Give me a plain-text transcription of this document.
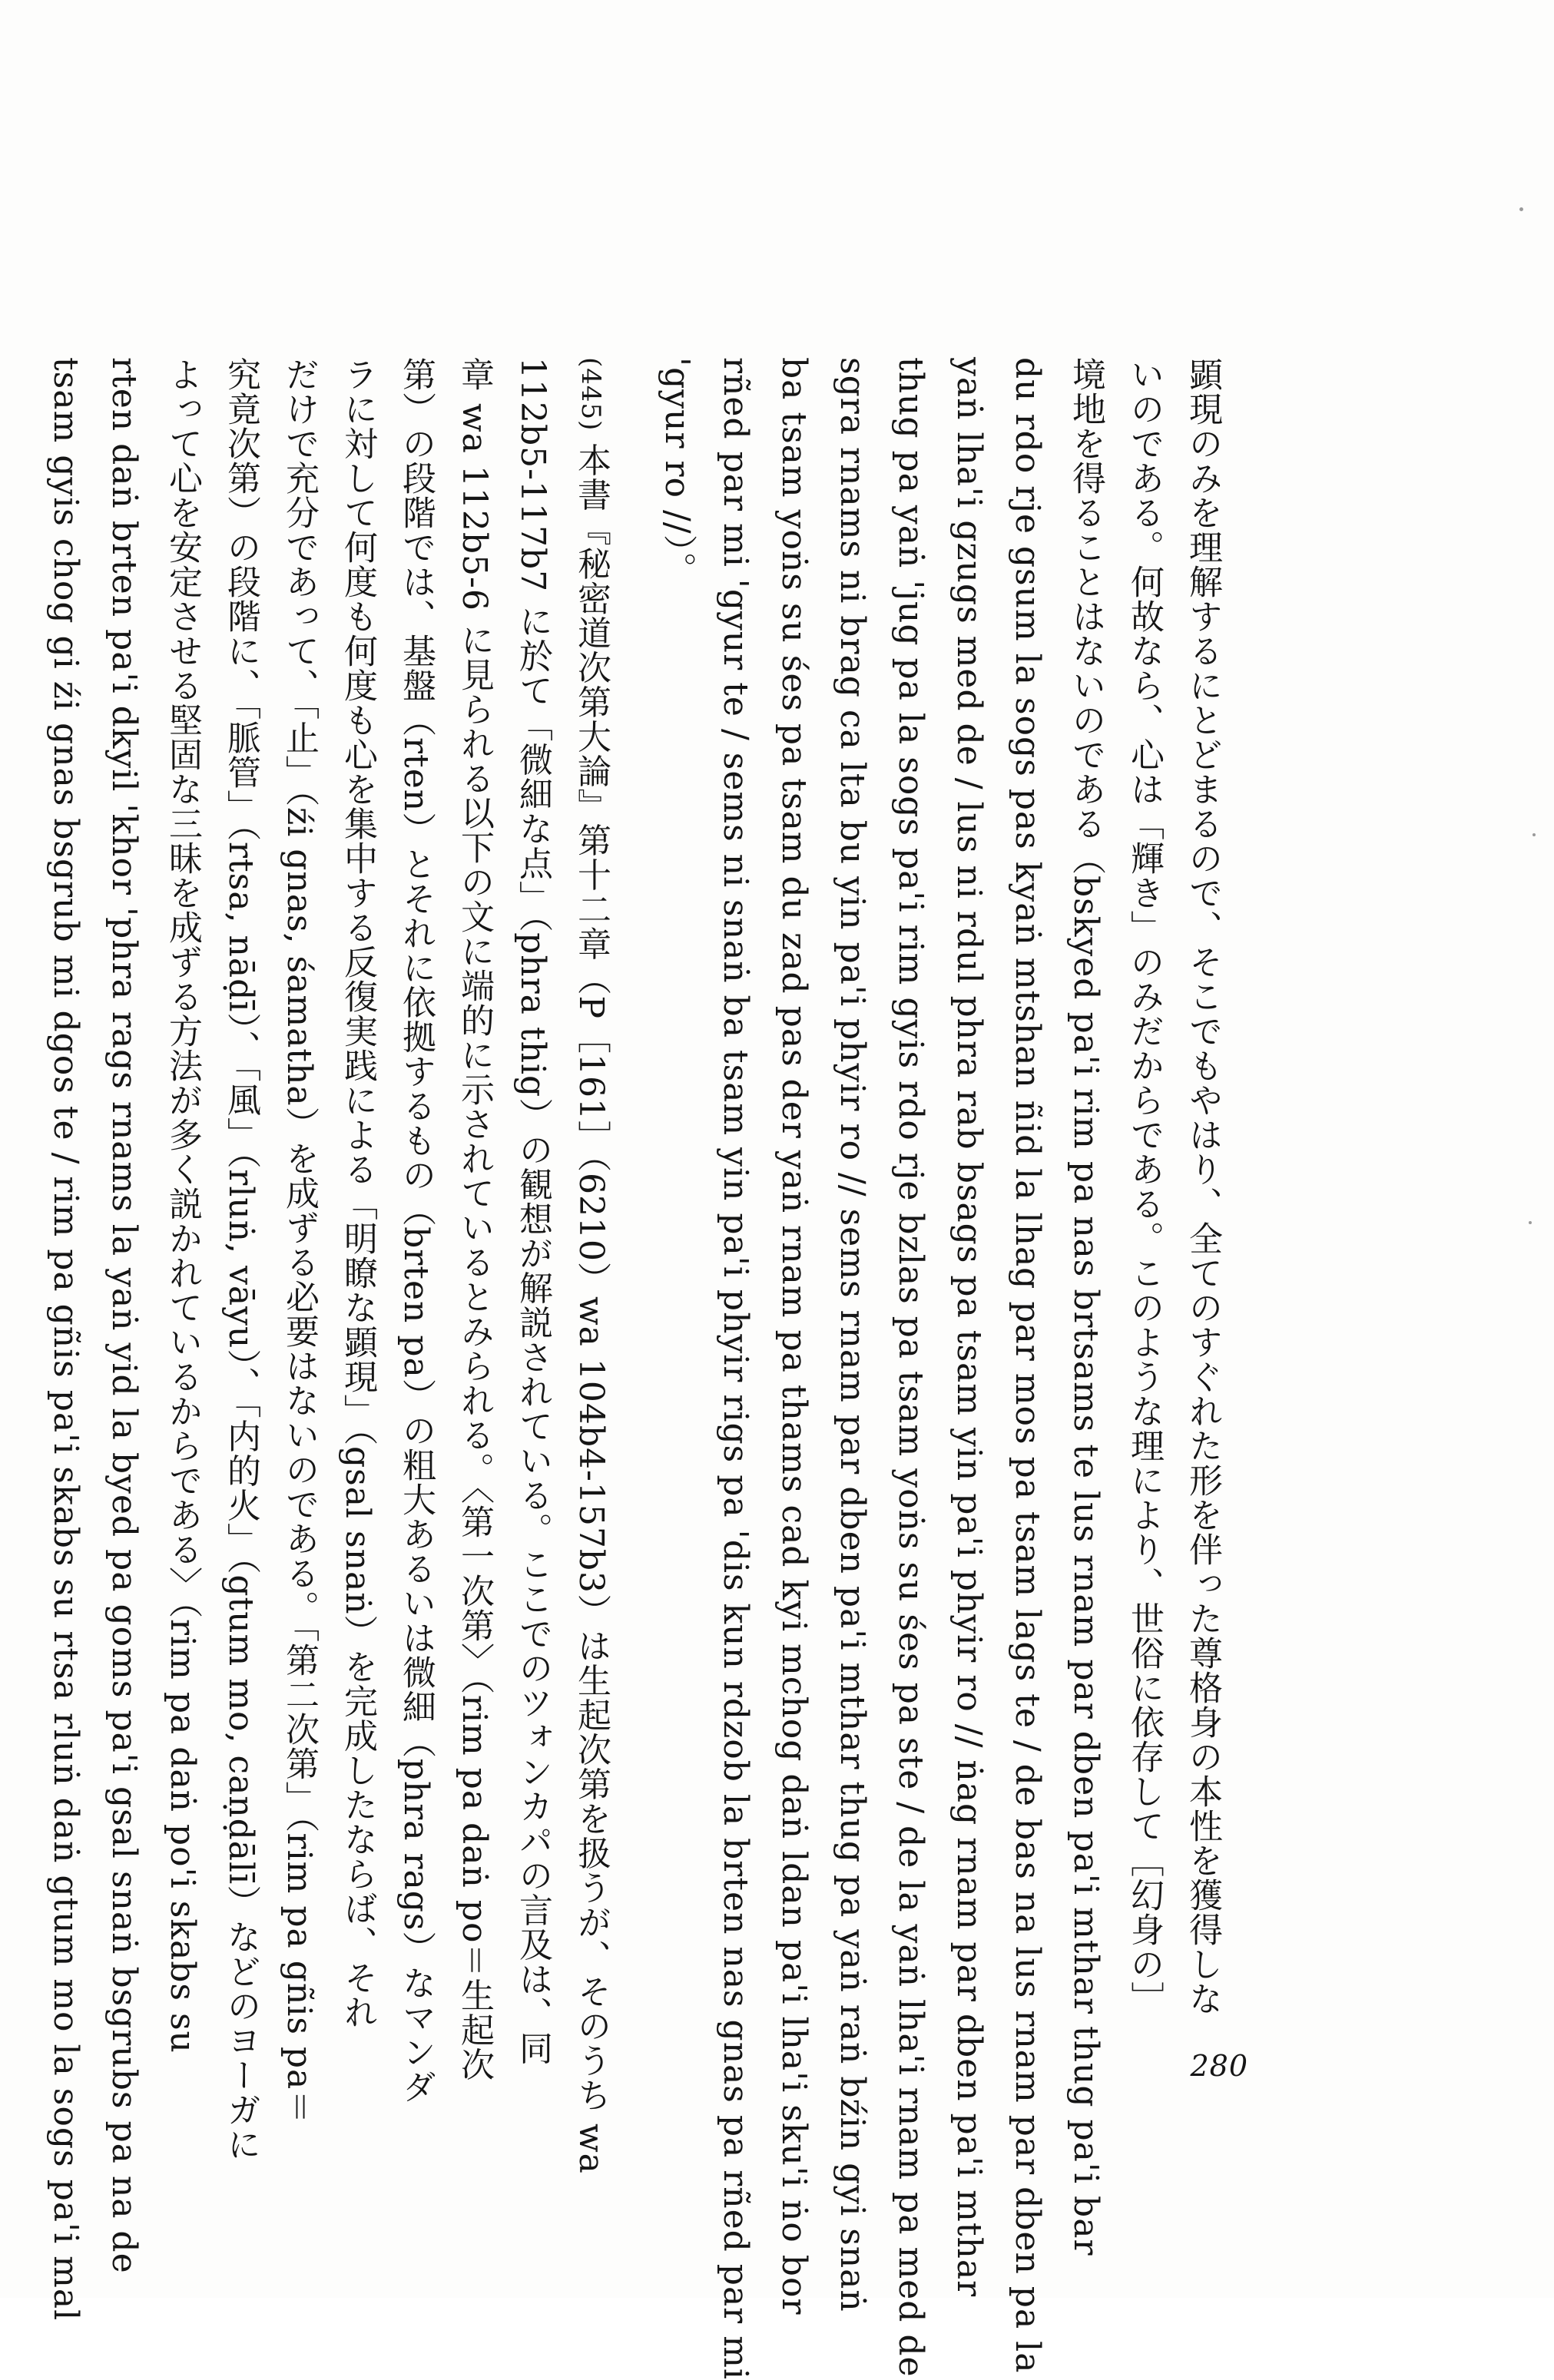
顕現のみを理解するにとどまるので、そこでもやはり、全てのすぐれた形を伴った尊格身の本性を獲得しな
いのである。何故なら、心は「輝き」のみだからである。このような理により、世俗に依存して［幻身の］
境地を得ることはないのである（bskyed pa'i rim pa nas brtsams te lus rnam par dben pa'i mthar thug pa'i bar
du rdo rje gsum la sogs pas kyaṅ mtshan ñid la lhag par mos pa tsam lags te / de bas na lus rnam par dben pa la
yaṅ lha'i gzugs med de / lus ni rdul phra rab bsags pa tsam yin pa'i phyir ro // ṅag rnam par dben pa'i mthar
thug pa yaṅ 'jug pa la sogs pa'i rim gyis rdo rje bzlas pa tsam yoṅs su śes pa ste / de la yaṅ lha'i rnam pa med de
sgra rnams ni brag ca lta bu yin pa'i phyir ro // sems rnam par dben pa'i mthar thug pa yaṅ raṅ bźin gyi snaṅ
ba tsam yoṅs su śes pa tsam du zad pas der yaṅ rnam pa thams cad kyi mchog daṅ ldan pa'i lha'i sku'i ṅo bor
rñed par mi 'gyur te / sems ni snaṅ ba tsam yin pa'i phyir rigs pa 'dis kun rdzob la brten nas gnas pa rñed par mi
'gyur ro //）。
(445) 本書『秘密道次第大論』第十二章（P［161］（6210）wa 104b4-157b3）は生起次第を扱うが、そのうち wa
112b5-117b7 に於て「微細な点」（phra thig）の観想が解説されている。ここでのツォンカパの言及は、同
章 wa 112b5-6 に見られる以下の文に端的に示されているとみられる。〈第一次第〉（rim pa daṅ po＝生起次
第）の段階では、基盤（rten）とそれに依拠するもの（brten pa）の粗大あるいは微細（phra rags）なマンダ
ラに対して何度も何度も心を集中する反復実践による「明瞭な顕現」（gsal snaṅ）を完成したならば、それ
だけで充分であって、「止」（źi gnas, śamatha）を成ずる必要はないのである。「第二次第」（rim pa gñis pa＝
究竟次第）の段階に、「脈管」（rtsa, nāḍī）、「風」（rluṅ, vāyu）、「内的火」（gtum mo, caṇḍālī）などのヨーガに
よって心を安定させる堅固な三昧を成ずる方法が多く説かれているからである〉（rim pa daṅ po'i skabs su
rten daṅ brten pa'i dkyil 'khor 'phra rags rnams la yaṅ yid la byed pa goms pa'i gsal snaṅ bsgrubs pa na de
tsam gyis chog gi źi gnas bsgrub mi dgos te / rim pa gñis pa'i skabs su rtsa rluṅ daṅ gtum mo la sogs pa'i mal	280
